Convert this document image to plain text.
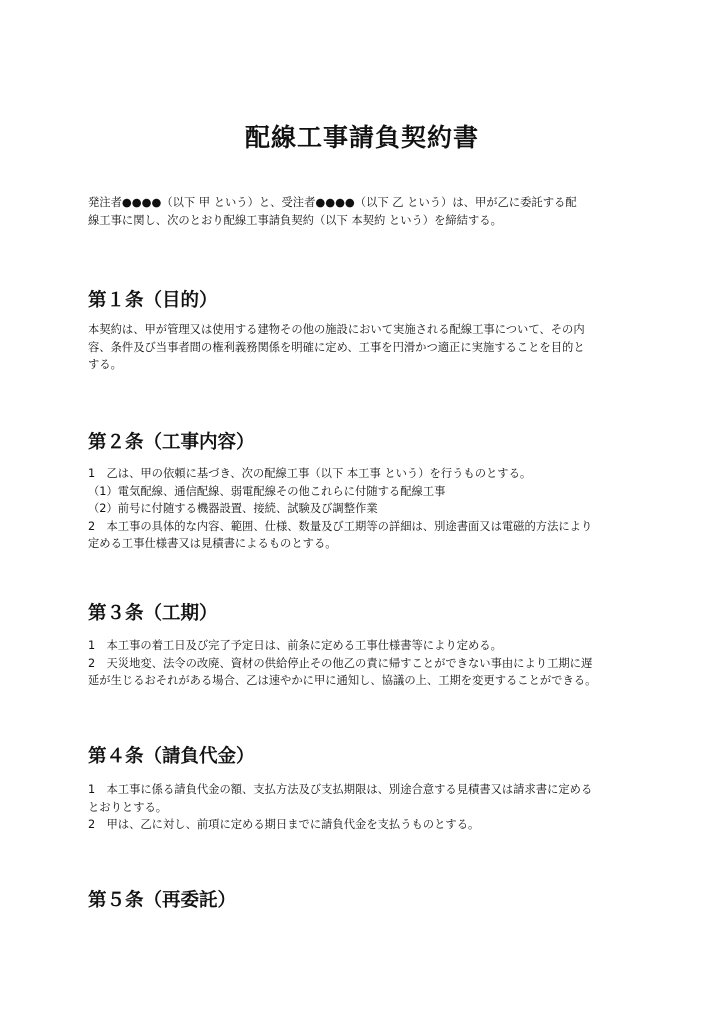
配線工事請負契約書
発注者●●●●（以下 甲 という）と、受注者●●●●（以下 乙 という）は、甲が乙に委託する配
線工事に関し、次のとおり配線工事請負契約（以下 本契約 という）を締結する。
第１条（目的）
本契約は、甲が管理又は使用する建物その他の施設において実施される配線工事について、その内
容、条件及び当事者間の権利義務関係を明確に定め、工事を円滑かつ適正に実施することを目的と
する。
第２条（工事内容）
1　乙は、甲の依頼に基づき、次の配線工事（以下 本工事 という）を行うものとする。
（1）電気配線、通信配線、弱電配線その他これらに付随する配線工事
（2）前号に付随する機器設置、接続、試験及び調整作業
2　本工事の具体的な内容、範囲、仕様、数量及び工期等の詳細は、別途書面又は電磁的方法により
定める工事仕様書又は見積書によるものとする。
第３条（工期）
1　本工事の着工日及び完了予定日は、前条に定める工事仕様書等により定める。
2　天災地変、法令の改廃、資材の供給停止その他乙の責に帰すことができない事由により工期に遅
延が生じるおそれがある場合、乙は速やかに甲に通知し、協議の上、工期を変更することができる。
第４条（請負代金）
1　本工事に係る請負代金の額、支払方法及び支払期限は、別途合意する見積書又は請求書に定める
とおりとする。
2　甲は、乙に対し、前項に定める期日までに請負代金を支払うものとする。
第５条（再委託）
